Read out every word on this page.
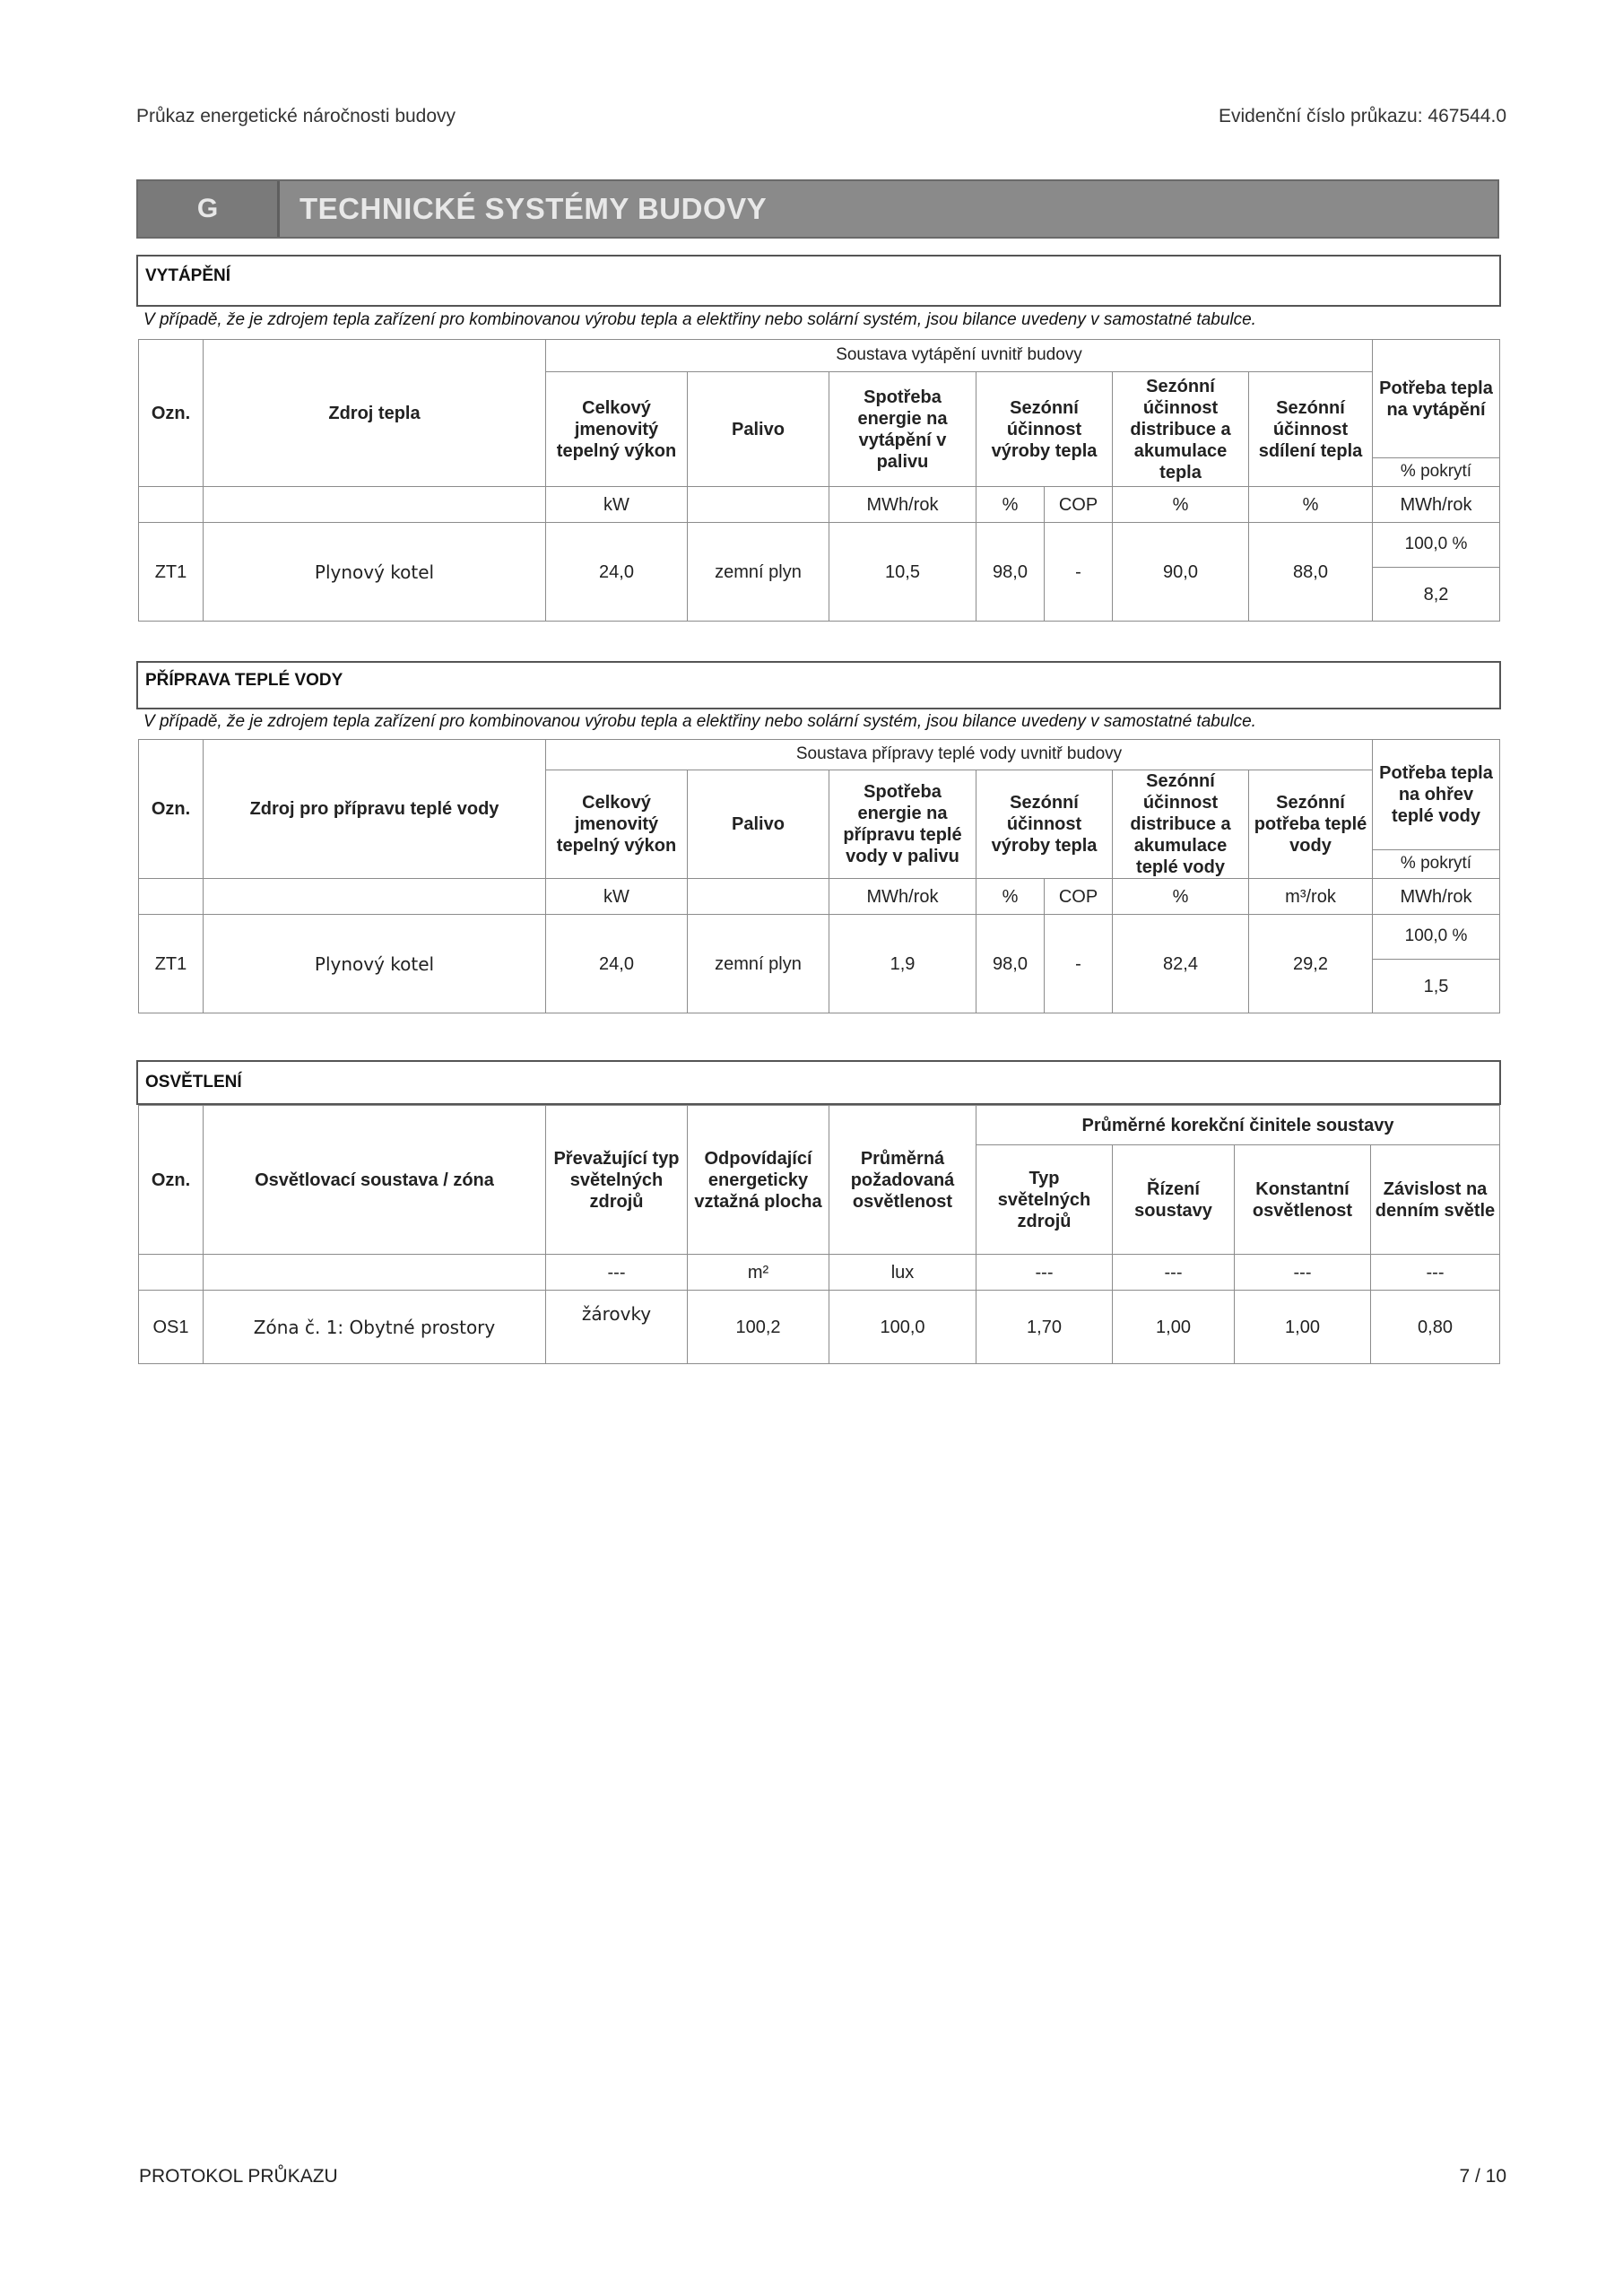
Průkaz energetické náročnosti budovy	Evidenční číslo průkazu: 467544.0
G	TECHNICKÉ SYSTÉMY BUDOVY
VYTÁPĚNÍ
V případě, že je zdrojem tepla zařízení pro kombinovanou výrobu tepla a elektřiny nebo solární systém, jsou bilance uvedeny v samostatné tabulce.
Ozn.	Zdroj tepla	Soustava vytápění uvnitř budovy							Potřeba tepla na vytápění
		Celkový jmenovitý tepelný výkon	Palivo	Spotřeba energie na vytápění v palivu	Sezónní účinnost výroby tepla		Sezónní účinnost distribuce a akumulace tepla	Sezónní účinnost sdílení tepla	
									% pokrytí
		kW		MWh/rok	%	COP	%	%	MWh/rok
ZT1	Plynový kotel	24,0	zemní plyn	10,5	98,0	-	90,0	88,0	100,0 %
									8,2
PŘÍPRAVA TEPLÉ VODY
V případě, že je zdrojem tepla zařízení pro kombinovanou výrobu tepla a elektřiny nebo solární systém, jsou bilance uvedeny v samostatné tabulce.
Ozn.	Zdroj pro přípravu teplé vody	Soustava přípravy teplé vody uvnitř budovy							Potřeba tepla na ohřev teplé vody
		Celkový jmenovitý tepelný výkon	Palivo	Spotřeba energie na přípravu teplé vody v palivu	Sezónní účinnost výroby tepla		Sezónní účinnost distribuce a akumulace teplé vody	Sezónní potřeba teplé vody	
									% pokrytí
		kW		MWh/rok	%	COP	%	m³/rok	MWh/rok
ZT1	Plynový kotel	24,0	zemní plyn	1,9	98,0	-	82,4	29,2	100,0 %
									1,5
OSVĚTLENÍ
Ozn.	Osvětlovací soustava / zóna	Převažující typ světelných zdrojů	Odpovídající energeticky vztažná plocha	Průměrná požadovaná osvětlenost	Průměrné korekční činitele soustavy			
					Typ světelných zdrojů	Řízení soustavy	Konstantní osvětlenost	Závislost na denním světle
		---	m²	lux	---	---	---	---
OS1	Zóna č. 1: Obytné prostory	žárovky	100,2	100,0	1,70	1,00	1,00	0,80
PROTOKOL PRŮKAZU	7 / 10
